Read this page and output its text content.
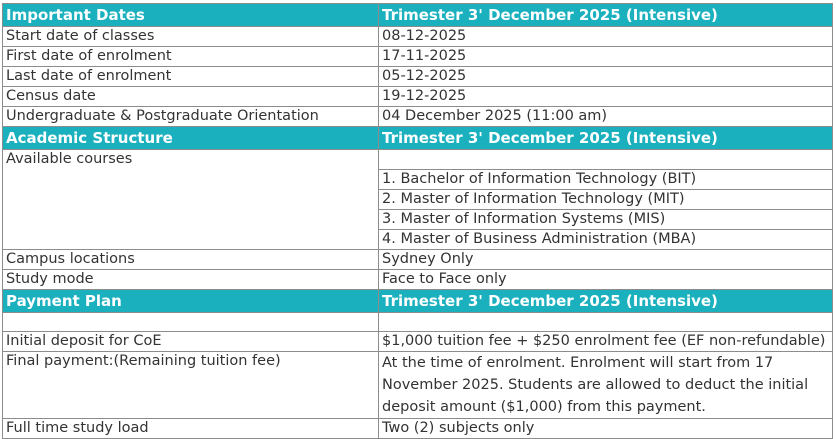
Important Dates	Trimester 3' December 2025 (Intensive)
Start date of classes	08-12-2025
First date of enrolment	17-11-2025
Last date of enrolment	05-12-2025
Census date	19-12-2025
Undergraduate & Postgraduate Orientation	04 December 2025 (11:00 am)
Academic Structure	Trimester 3' December 2025 (Intensive)
Available courses	
	1. Bachelor of Information Technology (BIT)
	2. Master of Information Technology (MIT)
	3. Master of Information Systems (MIS)
	4. Master of Business Administration (MBA)
Campus locations	Sydney Only
Study mode	Face to Face only
Payment Plan	Trimester 3' December 2025 (Intensive)

Initial deposit for CoE	$1,000 tuition fee + $250 enrolment fee (EF non-refundable)
Final payment:(Remaining tuition fee)	At the time of enrolment. Enrolment will start from 17 November 2025. Students are allowed to deduct the initial deposit amount ($1,000) from this payment.
Full time study load	Two (2) subjects only
